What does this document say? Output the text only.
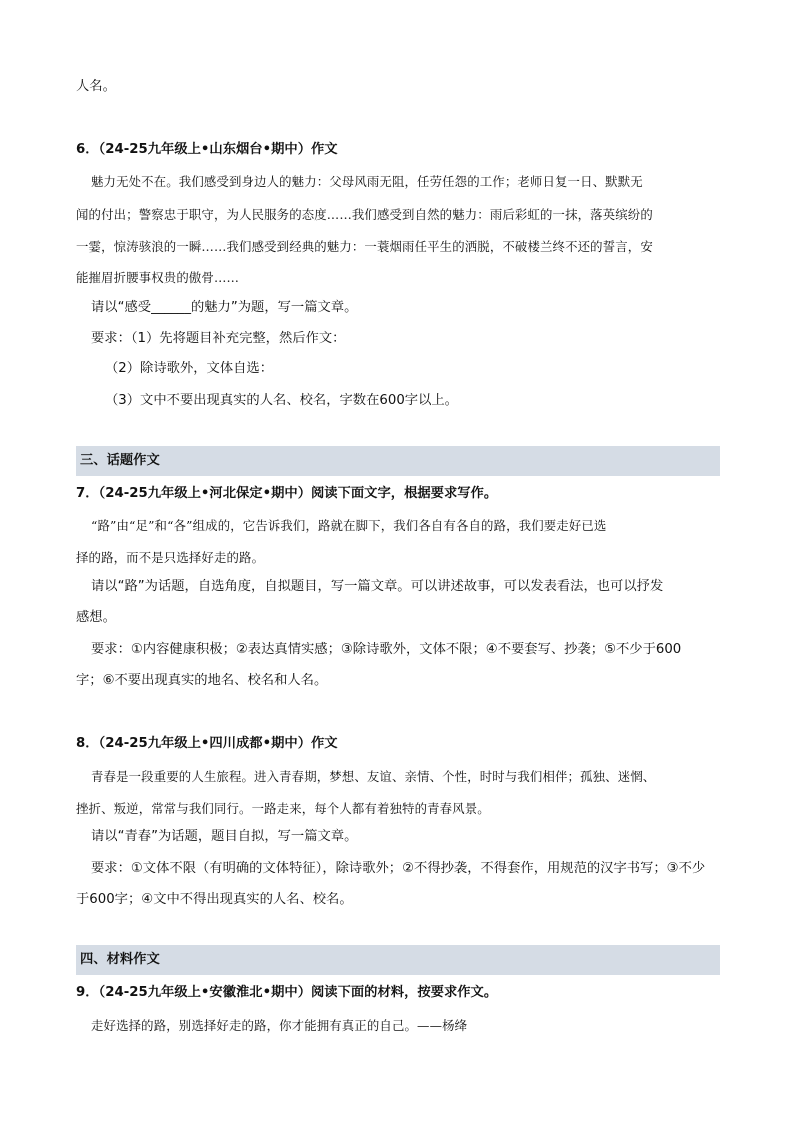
人名。
6．（24-25九年级上•山东烟台•期中）作文
魅力无处不在。我们感受到身边人的魅力：父母风雨无阻，任劳任怨的工作；老师日复一日、默默无
闻的付出；警察忠于职守，为人民服务的态度……我们感受到自然的魅力：雨后彩虹的一抹，落英缤纷的
一霎，惊涛骇浪的一瞬……我们感受到经典的魅力：一蓑烟雨任平生的洒脱，不破楼兰终不还的誓言，安
能摧眉折腰事权贵的傲骨……
请以“感受______的魅力”为题，写一篇文章。
要求：（1）先将题目补充完整，然后作文：
（2）除诗歌外，文体自选：
（3）文中不要出现真实的人名、校名，字数在600字以上。
三、话题作文
7．（24-25九年级上•河北保定•期中）阅读下面文字，根据要求写作。
“路”由“足”和“各”组成的，它告诉我们，路就在脚下，我们各自有各自的路，我们要走好已选
择的路，而不是只选择好走的路。
请以“路”为话题，自选角度，自拟题目，写一篇文章。可以讲述故事，可以发表看法，也可以抒发
感想。
要求：①内容健康积极；②表达真情实感；③除诗歌外，文体不限；④不要套写、抄袭；⑤不少于600
字；⑥不要出现真实的地名、校名和人名。
8．（24-25九年级上•四川成都•期中）作文
青春是一段重要的人生旅程。进入青春期，梦想、友谊、亲情、个性，时时与我们相伴；孤独、迷惘、
挫折、叛逆，常常与我们同行。一路走来，每个人都有着独特的青春风景。
请以“青春”为话题，题目自拟，写一篇文章。
要求：①文体不限（有明确的文体特征），除诗歌外；②不得抄袭，不得套作，用规范的汉字书写；③不少
于600字；④文中不得出现真实的人名、校名。
四、材料作文
9．（24-25九年级上•安徽淮北•期中）阅读下面的材料，按要求作文。
走好选择的路，别选择好走的路，你才能拥有真正的自己。——杨绛
